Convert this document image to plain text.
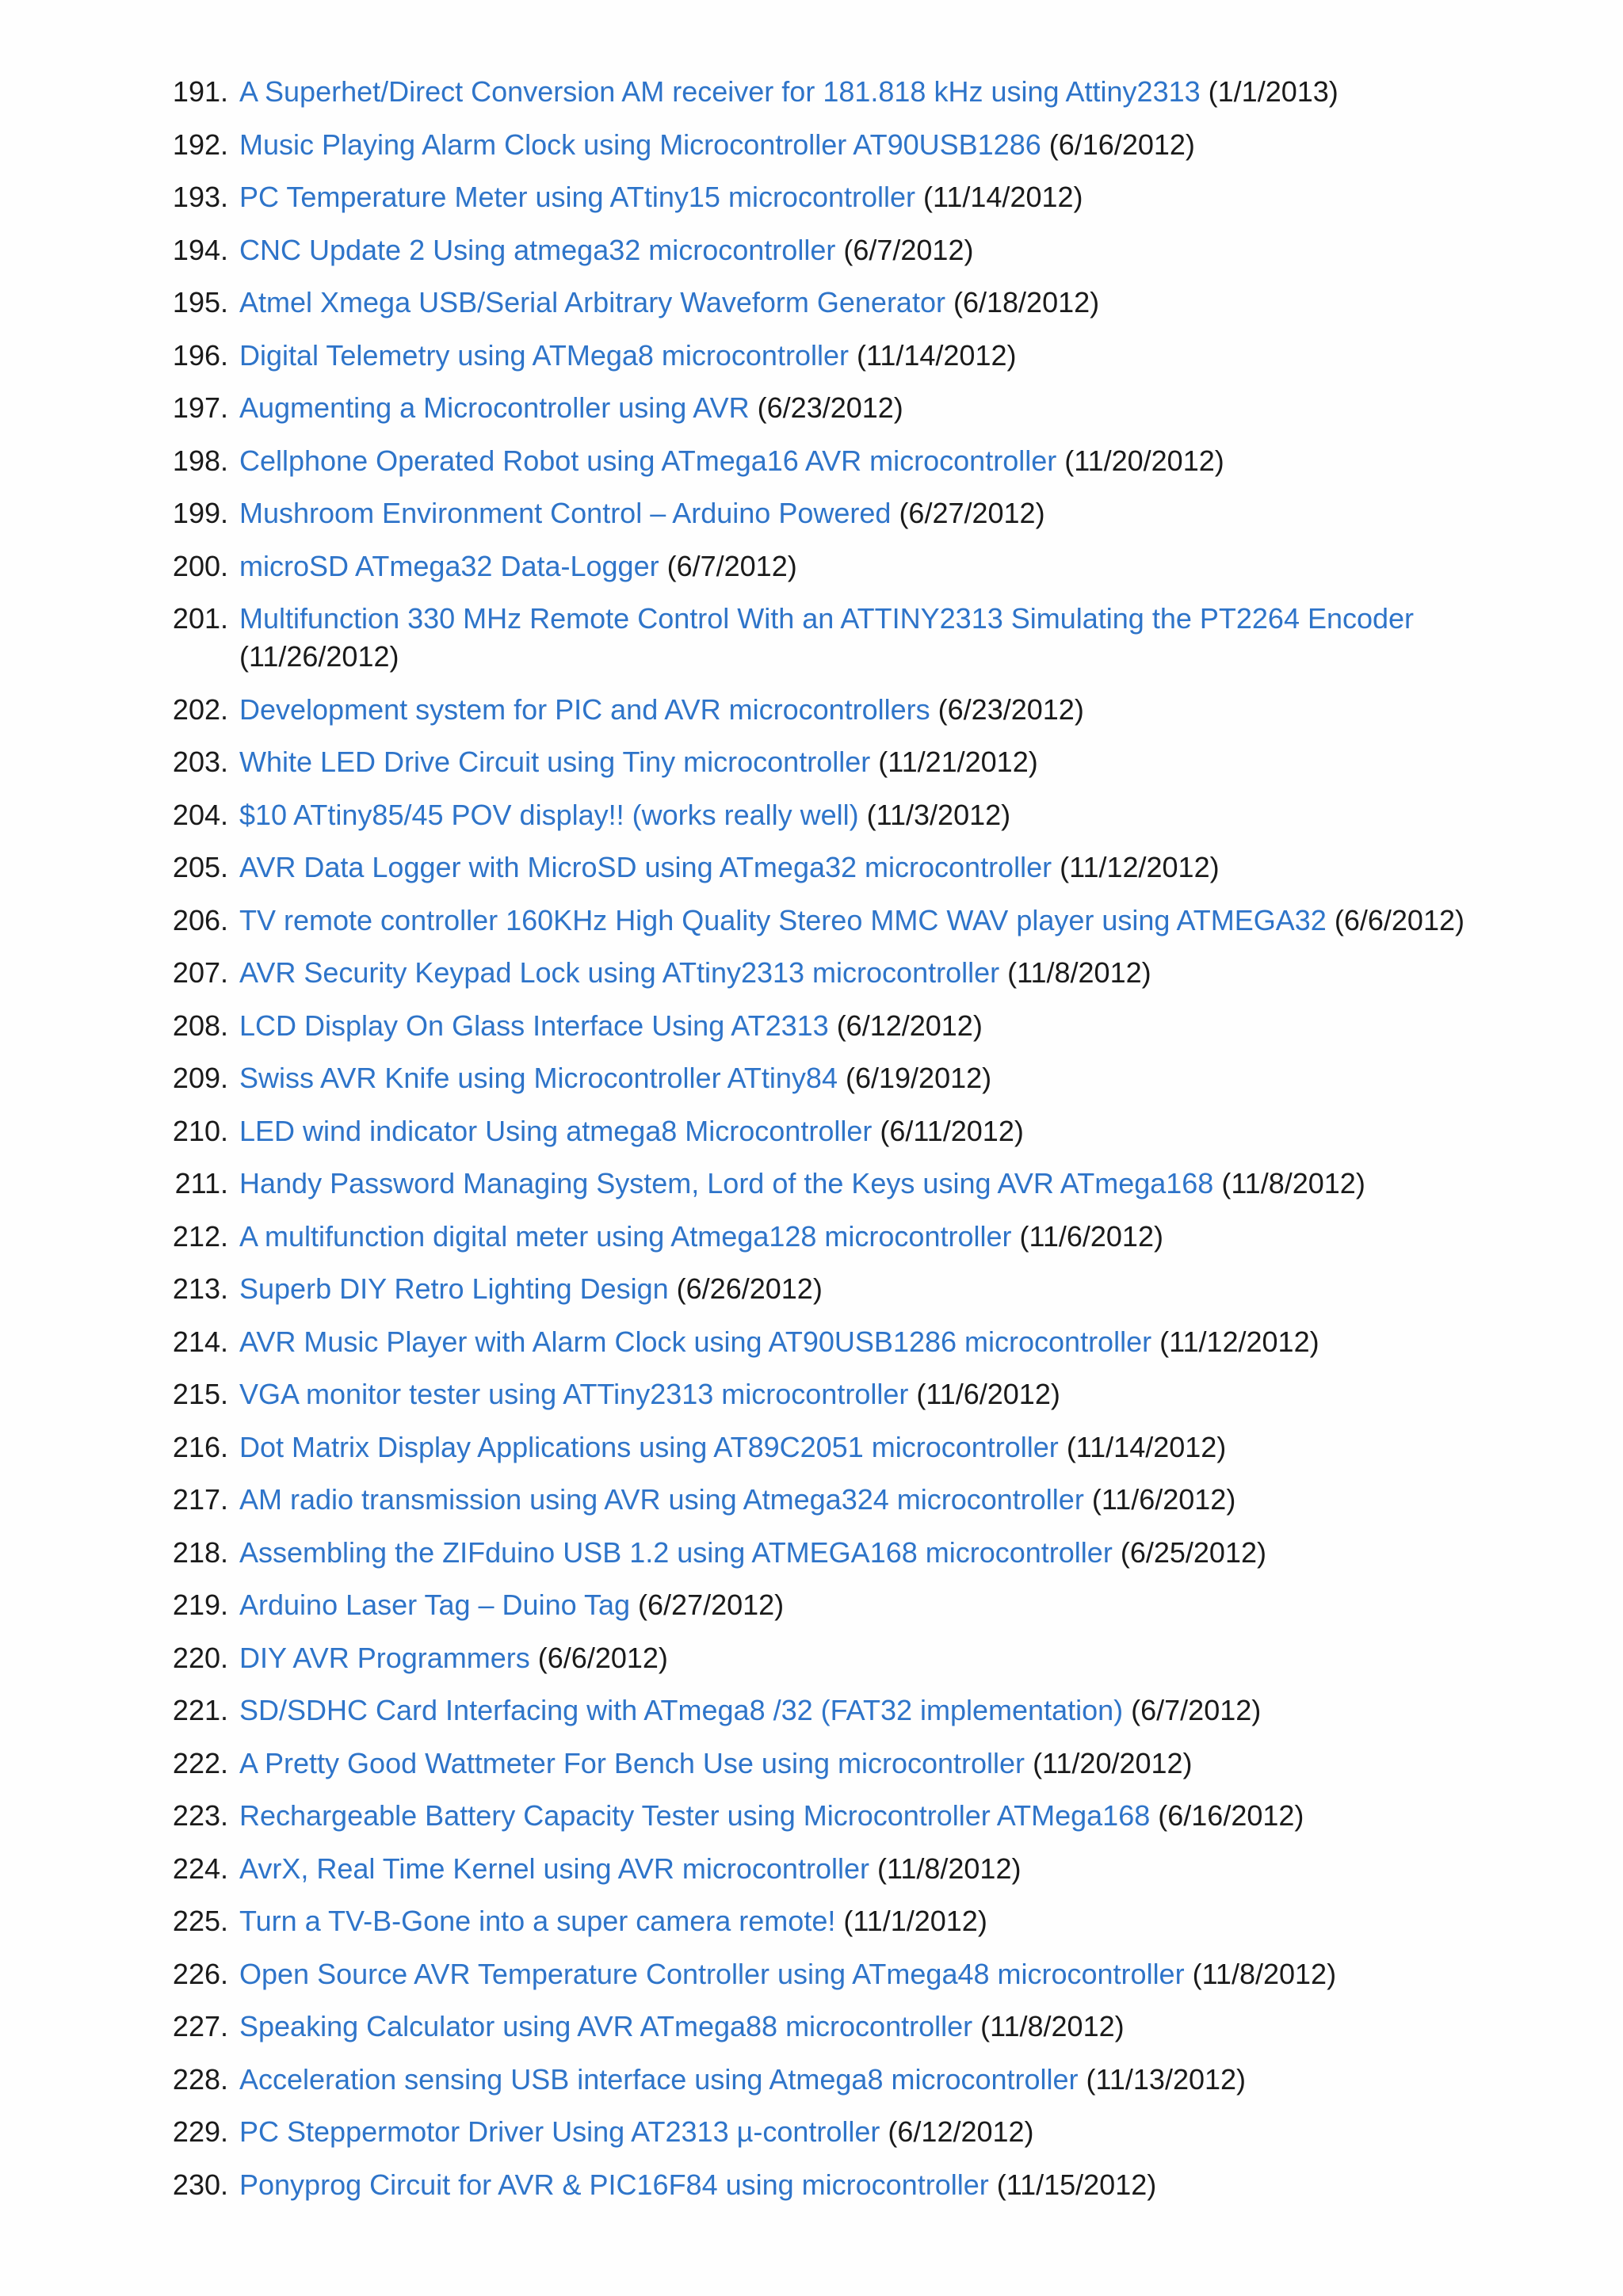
191. A Superhet/Direct Conversion AM receiver for 181.818 kHz using Attiny2313 (1/1/2013)
192. Music Playing Alarm Clock using Microcontroller AT90USB1286 (6/16/2012)
193. PC Temperature Meter using ATtiny15 microcontroller (11/14/2012)
194. CNC Update 2 Using atmega32 microcontroller (6/7/2012)
195. Atmel Xmega USB/Serial Arbitrary Waveform Generator (6/18/2012)
196. Digital Telemetry using ATMega8 microcontroller (11/14/2012)
197. Augmenting a Microcontroller using AVR (6/23/2012)
198. Cellphone Operated Robot using ATmega16 AVR microcontroller (11/20/2012)
199. Mushroom Environment Control – Arduino Powered (6/27/2012)
200. microSD ATmega32 Data-Logger (6/7/2012)
201. Multifunction 330 MHz Remote Control With an ATTINY2313 Simulating the PT2264 Encoder (11/26/2012)
202. Development system for PIC and AVR microcontrollers (6/23/2012)
203. White LED Drive Circuit using Tiny microcontroller (11/21/2012)
204. $10 ATtiny85/45 POV display!! (works really well) (11/3/2012)
205. AVR Data Logger with MicroSD using ATmega32 microcontroller (11/12/2012)
206. TV remote controller 160KHz High Quality Stereo MMC WAV player using ATMEGA32 (6/6/2012)
207. AVR Security Keypad Lock using ATtiny2313 microcontroller (11/8/2012)
208. LCD Display On Glass Interface Using AT2313 (6/12/2012)
209. Swiss AVR Knife using Microcontroller ATtiny84 (6/19/2012)
210. LED wind indicator Using atmega8 Microcontroller (6/11/2012)
211. Handy Password Managing System, Lord of the Keys using AVR ATmega168 (11/8/2012)
212. A multifunction digital meter using Atmega128 microcontroller (11/6/2012)
213. Superb DIY Retro Lighting Design (6/26/2012)
214. AVR Music Player with Alarm Clock using AT90USB1286 microcontroller (11/12/2012)
215. VGA monitor tester using ATTiny2313 microcontroller (11/6/2012)
216. Dot Matrix Display Applications using AT89C2051 microcontroller (11/14/2012)
217. AM radio transmission using AVR using Atmega324 microcontroller (11/6/2012)
218. Assembling the ZIFduino USB 1.2 using ATMEGA168 microcontroller (6/25/2012)
219. Arduino Laser Tag – Duino Tag (6/27/2012)
220. DIY AVR Programmers (6/6/2012)
221. SD/SDHC Card Interfacing with ATmega8 /32 (FAT32 implementation) (6/7/2012)
222. A Pretty Good Wattmeter For Bench Use using microcontroller (11/20/2012)
223. Rechargeable Battery Capacity Tester using Microcontroller ATMega168 (6/16/2012)
224. AvrX, Real Time Kernel using AVR microcontroller (11/8/2012)
225. Turn a TV-B-Gone into a super camera remote! (11/1/2012)
226. Open Source AVR Temperature Controller using ATmega48 microcontroller (11/8/2012)
227. Speaking Calculator using AVR ATmega88 microcontroller (11/8/2012)
228. Acceleration sensing USB interface using Atmega8 microcontroller (11/13/2012)
229. PC Steppermotor Driver Using AT2313 µ-controller (6/12/2012)
230. Ponyprog Circuit for AVR & PIC16F84 using microcontroller (11/15/2012)
